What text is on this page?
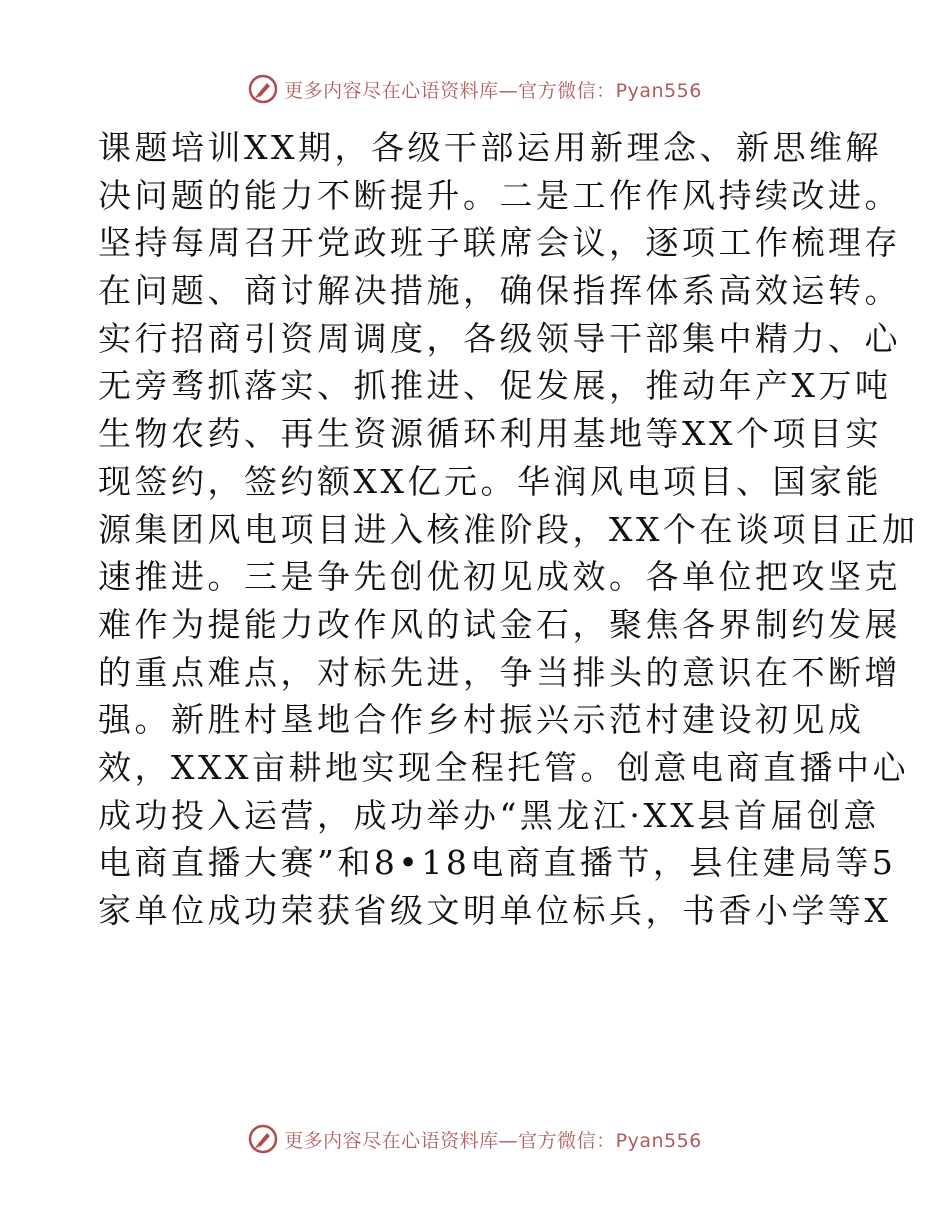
更多内容尽在心语资料库—官方微信：Pyan556
课题培训XX期，各级干部运用新理念、新思维解
决问题的能力不断提升。二是工作作风持续改进。
坚持每周召开党政班子联席会议，逐项工作梳理存
在问题、商讨解决措施，确保指挥体系高效运转。
实行招商引资周调度，各级领导干部集中精力、心
无旁骛抓落实、抓推进、促发展，推动年产X万吨
生物农药、再生资源循环利用基地等XX个项目实
现签约，签约额XX亿元。华润风电项目、国家能
源集团风电项目进入核准阶段，XX个在谈项目正加
速推进。三是争先创优初见成效。各单位把攻坚克
难作为提能力改作风的试金石，聚焦各界制约发展
的重点难点，对标先进，争当排头的意识在不断增
强。新胜村垦地合作乡村振兴示范村建设初见成
效，XXX亩耕地实现全程托管。创意电商直播中心
成功投入运营，成功举办“黑龙江·XX县首届创意
电商直播大赛”和8•18电商直播节，县住建局等5
家单位成功荣获省级文明单位标兵，书香小学等X
更多内容尽在心语资料库—官方微信：Pyan556
